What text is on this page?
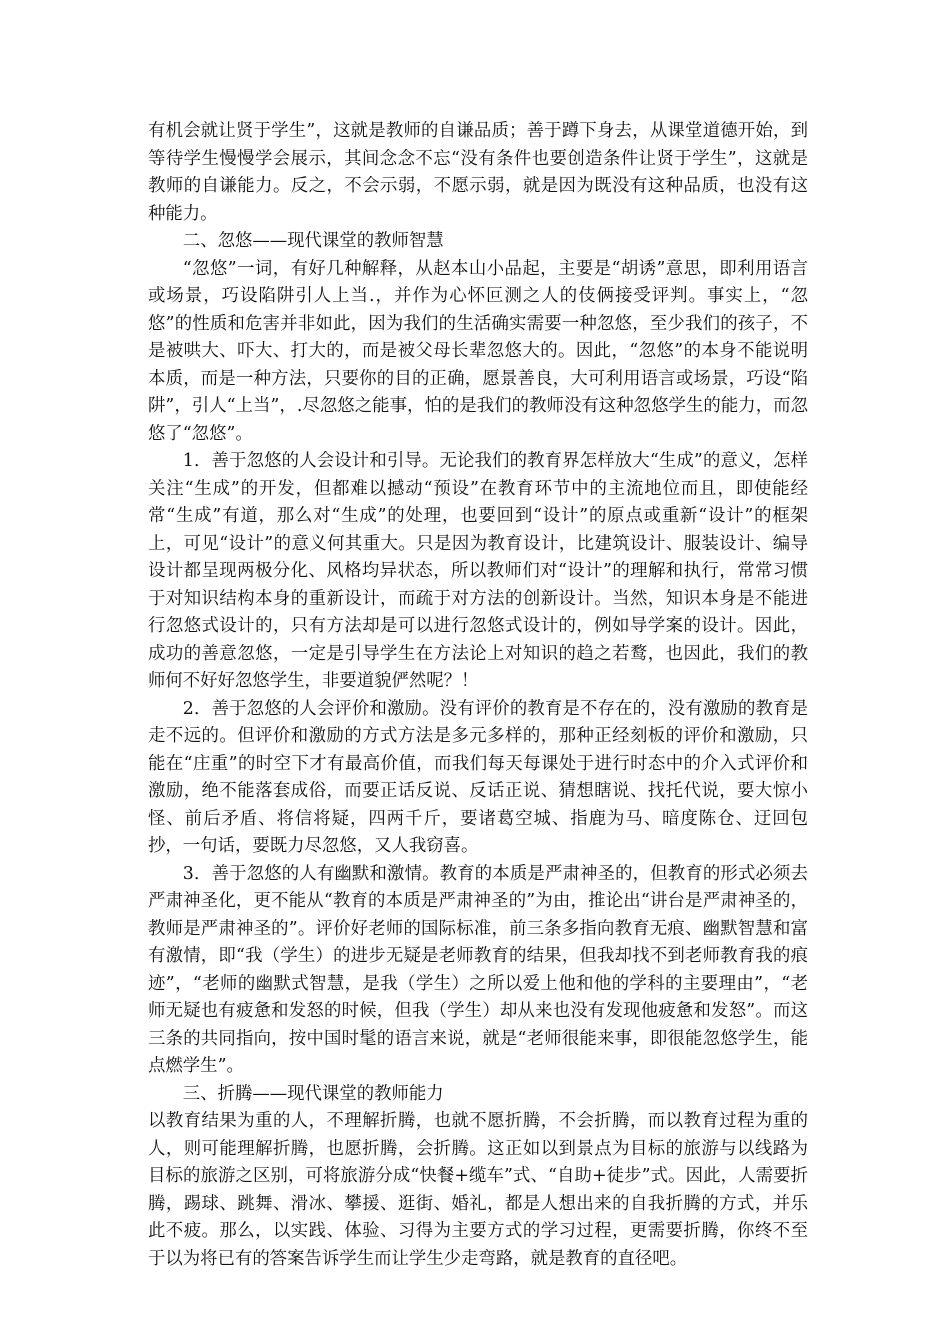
有机会就让贤于学生”，这就是教师的自谦品质；善于蹲下身去，从课堂道德开始，到等待学生慢慢学会展示，其间念念不忘“没有条件也要创造条件让贤于学生”，这就是教师的自谦能力。反之，不会示弱，不愿示弱，就是因为既没有这种品质，也没有这种能力。

二、忽悠——现代课堂的教师智慧

“忽悠”一词，有好几种解释，从赵本山小品起，主要是“胡诱”意思，即利用语言或场景，巧设陷阱引人上当.，并作为心怀叵测之人的伎俩接受评判。事实上，“忽悠”的性质和危害并非如此，因为我们的生活确实需要一种忽悠，至少我们的孩子，不是被哄大、吓大、打大的，而是被父母长辈忽悠大的。因此，“忽悠”的本身不能说明本质，而是一种方法，只要你的目的正确，愿景善良，大可利用语言或场景，巧设“陷阱”，引人“上当”，.尽忽悠之能事，怕的是我们的教师没有这种忽悠学生的能力，而忽悠了“忽悠”。

1．善于忽悠的人会设计和引导。无论我们的教育界怎样放大“生成”的意义，怎样关注“生成”的开发，但都难以撼动“预设”在教育环节中的主流地位而且，即使能经常“生成”有道，那么对“生成”的处理，也要回到“设计”的原点或重新“设计”的框架上，可见“设计”的意义何其重大。只是因为教育设计，比建筑设计、服装设计、编导设计都呈现两极分化、风格均异状态，所以教师们对“设计”的理解和执行，常常习惯于对知识结构本身的重新设计，而疏于对方法的创新设计。当然，知识本身是不能进行忽悠式设计的，只有方法却是可以进行忽悠式设计的，例如导学案的设计。因此，成功的善意忽悠，一定是引导学生在方法论上对知识的趋之若鹜，也因此，我们的教师何不好好忽悠学生，非要道貌俨然呢？！

2．善于忽悠的人会评价和激励。没有评价的教育是不存在的，没有激励的教育是走不远的。但评价和激励的方式方法是多元多样的，那种正经刻板的评价和激励，只能在“庄重”的时空下才有最高价值，而我们每天每课处于进行时态中的介入式评价和激励，绝不能落套成俗，而要正话反说、反话正说、猜想瞎说、找托代说，要大惊小怪、前后矛盾、将信将疑，四两千斤，要诸葛空城、指鹿为马、暗度陈仓、迂回包抄，一句话，要既力尽忽悠，又人我窃喜。

3．善于忽悠的人有幽默和激情。教育的本质是严肃神圣的，但教育的形式必须去严肃神圣化，更不能从“教育的本质是严肃神圣的”为由，推论出“讲台是严肃神圣的，教师是严肃神圣的”。评价好老师的国际标准，前三条多指向教育无痕、幽默智慧和富有激情，即“我（学生）的进步无疑是老师教育的结果，但我却找不到老师教育我的痕迹”，“老师的幽默式智慧，是我（学生）之所以爱上他和他的学科的主要理由”，“老师无疑也有疲惫和发怒的时候，但我（学生）却从来也没有发现他疲惫和发怒”。而这三条的共同指向，按中国时髦的语言来说，就是“老师很能来事，即很能忽悠学生，能点燃学生”。

三、折腾——现代课堂的教师能力

以教育结果为重的人，不理解折腾，也就不愿折腾，不会折腾，而以教育过程为重的人，则可能理解折腾，也愿折腾，会折腾。这正如以到景点为目标的旅游与以线路为目标的旅游之区别，可将旅游分成“快餐+缆车”式、“自助+徒步”式。因此，人需要折腾，踢球、跳舞、滑冰、攀援、逛街、婚礼，都是人想出来的自我折腾的方式，并乐此不疲。那么，以实践、体验、习得为主要方式的学习过程，更需要折腾，你终不至于以为将已有的答案告诉学生而让学生少走弯路，就是教育的直径吧。
